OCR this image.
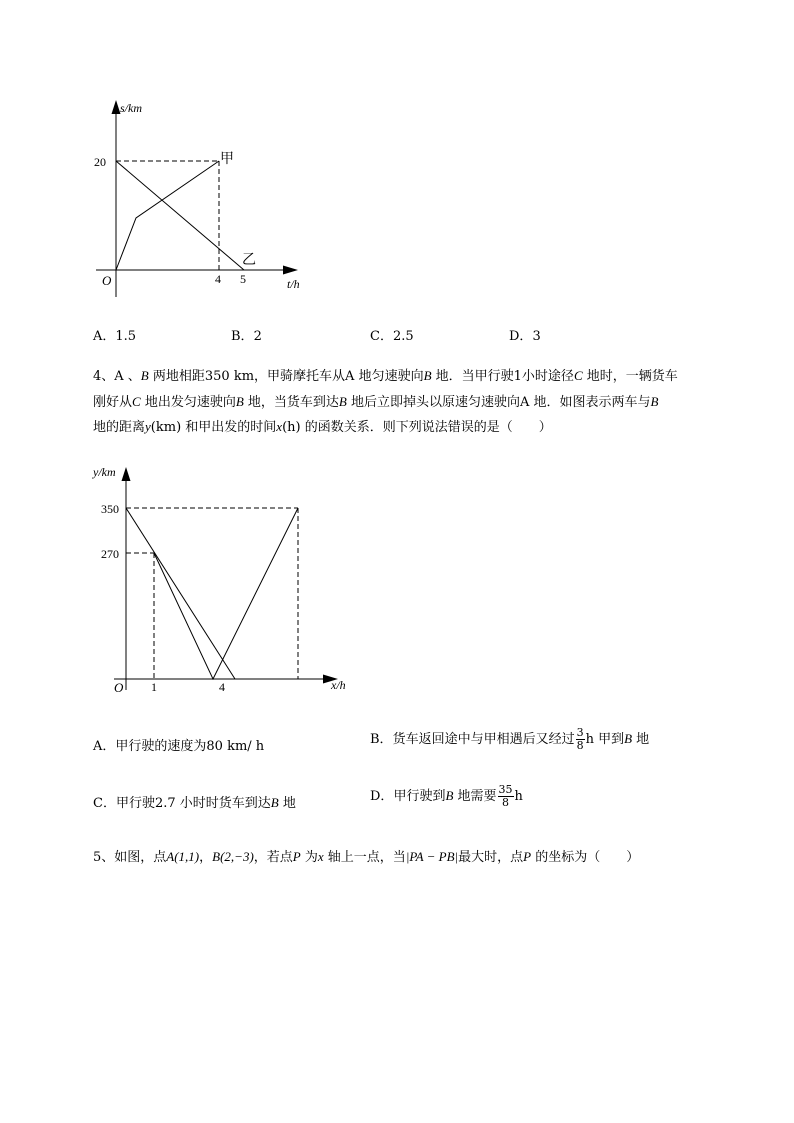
s/km
t/h
O
20
4 5
甲
乙
A．1.5	B．2	C．2.5	D．3
4、A 、B 两地相距350 km，甲骑摩托车从A 地匀速驶向B 地．当甲行驶1小时途径C 地时，一辆货车
刚好从C 地出发匀速驶向B 地，当货车到达B 地后立即掉头以原速匀速驶向A 地．如图表示两车与B
地的距离y(km) 和甲出发的时间x(h) 的函数关系．则下列说法错误的是（　　）
y/km
x/h
O
350
270
1	4
A．甲行驶的速度为80 km/ h	B．货车返回途中与甲相遇后又经过 $\frac{3}{8}$ h 甲到B 地
C．甲行驶2.7 小时时货车到达B 地	D．甲行驶到B 地需要 $\frac{35}{8}$ h
5、如图，点A(1,1)，B(2,−3)，若点P 为x 轴上一点，当|PA − PB|最大时，点P 的坐标为（　　）
